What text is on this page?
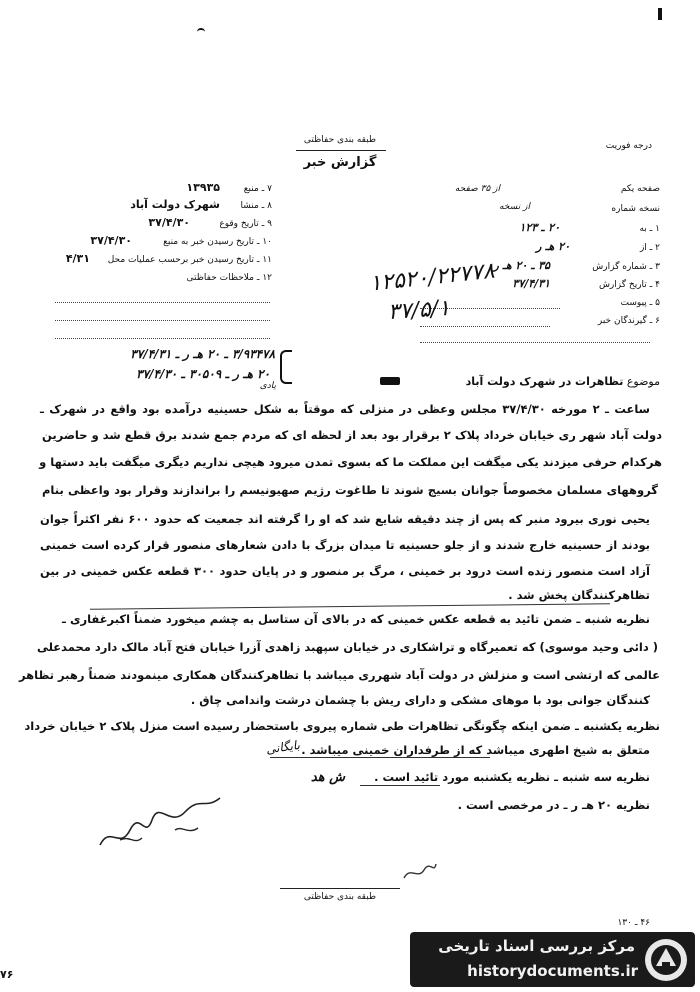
طبقه بندی حفاظتی
گزارش خبر
درجه فوریت
صفحه یکم
از ۳۵ صفحه
نسخه شماره
از نسخه
۱ ـ به
۲۰ ـ ۱۲۳
۲ ـ از
۲۰ هـ ر
۳ ـ شماره گزارش
۳۵ ـ ۲۰ هـ ر
۴ ـ تاریخ گزارش
۳۷/۴/۳۱
۵ ـ پیوست
۶ ـ گیرندگان خبر
۷ ـ منبع
۱۳۹۳۵
۸ ـ منشا
شهرک دولت آباد
۹ ـ تاریخ وقوع
۳۷/۴/۳۰
۱۰ ـ تاریخ رسیدن خبر به منبع
۳۷/۴/۳۰
۱۱ ـ تاریخ رسیدن خبر برحسب عملیات محل
۴/۳۱
۱۲ ـ ملاحظات حفاظتی	۱۲۵۲۰/۲۲۷۷۸
۳۷/۵/۱
۳/۹۳۴۷۸ ـ ۲۰ هـ ر ـ ۳۷/۴/۳۱
۲۰ هـ ر ـ ۳۰۵۰۹ ـ ۳۷/۴/۳۰
یادی	موضوع تظاهرات در شهرک دولت آباد
ساعت ـ ۲ مورخه ۳۷/۴/۳۰ مجلس وعظی در منزلی که موقتاً به شکل حسینیه درآمده بود واقع در شهرک ـ
دولت آباد شهر ری خیابان خرداد پلاک ۲ برقرار بود بعد از لحظه ای که مردم جمع شدند برق قطع شد و حاضرین
هرکدام حرفی میزدند یکی میگفت این مملکت ما که بسوی تمدن میرود هیچی نداریم دیگری میگفت باید دستها و
گروههای مسلمان مخصوصاً جوانان بسیج شوند تا طاغوت رژیم صهیونیسم را براندازند وقرار بود واعظی بنام
یحیی نوری بیرود منبر که پس از چند دقیقه شایع شد که او را گرفته اند جمعیت که حدود ۶۰۰ نفر اکثراً جوان
بودند از حسینیه خارج شدند و از جلو حسینیه تا میدان بزرگ با دادن شعارهای منصور قرار کرده است خمینی
آزاد است منصور زنده است درود بر خمینی ، مرگ بر منصور و در پایان حدود ۳۰۰ قطعه عکس خمینی در بین
تظاهرکنندگان پخش شد .
نظریه شنبه ـ ضمن تائید به قطعه عکس خمینی که در بالای آن ستاسل به چشم میخورد ضمناً اکبرغفاری ـ
( دائی وحید موسوی) که تعمیرگاه و تراشکاری در خیابان سپهبد زاهدی آزرا خیابان فتح آباد مالک دارد محمدعلی
عالمی که ارتشی است و منزلش در دولت آباد شهرری میباشد با تظاهرکنندگان همکاری مینمودند ضمناً رهبر تظاهر
کنندگان جوانی بود با موهای مشکی و دارای ریش با چشمان درشت واندامی چاق .
نظریه یکشنبه ـ ضمن اینکه چگونگی تظاهرات طی شماره پیروی باستحضار رسیده است منزل پلاک ۲ خیابان خرداد
متعلق به شیخ اطهری میباشد که از طرفداران خمینی میباشد .
نظریه سه شنبه ـ نظریه یکشنبه مورد تائید است .
نظریه ۲۰ هـ ر ـ در مرخصی است .
بایگانی
ش هد
طبقه بندی حفاظتی
۴۶ ـ ۱۳۰
۷۶
مرکز بررسی اسناد تاریخی
historydocuments.ir
